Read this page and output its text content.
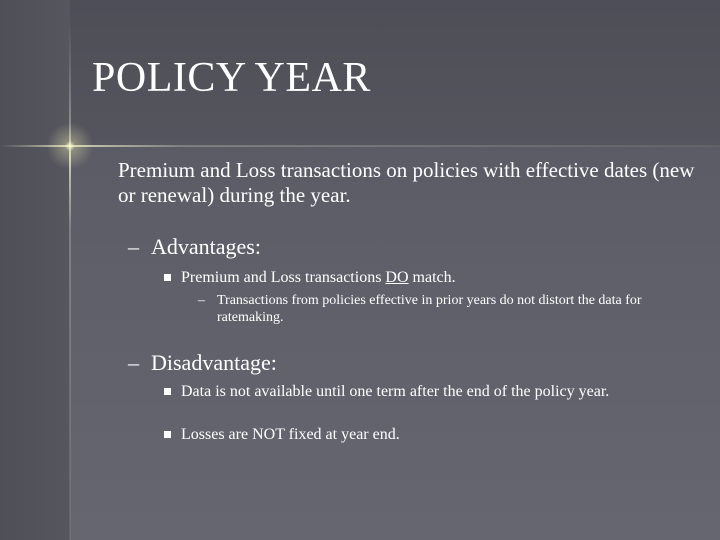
POLICY YEAR

Premium and Loss transactions on policies with effective dates (new or renewal) during the year.

– Advantages:
Premium and Loss transactions DO match.
– Transactions from policies effective in prior years do not distort the data for ratemaking.
– Disadvantage:
Data is not available until one term after the end of the policy year.
Losses are NOT fixed at year end.
